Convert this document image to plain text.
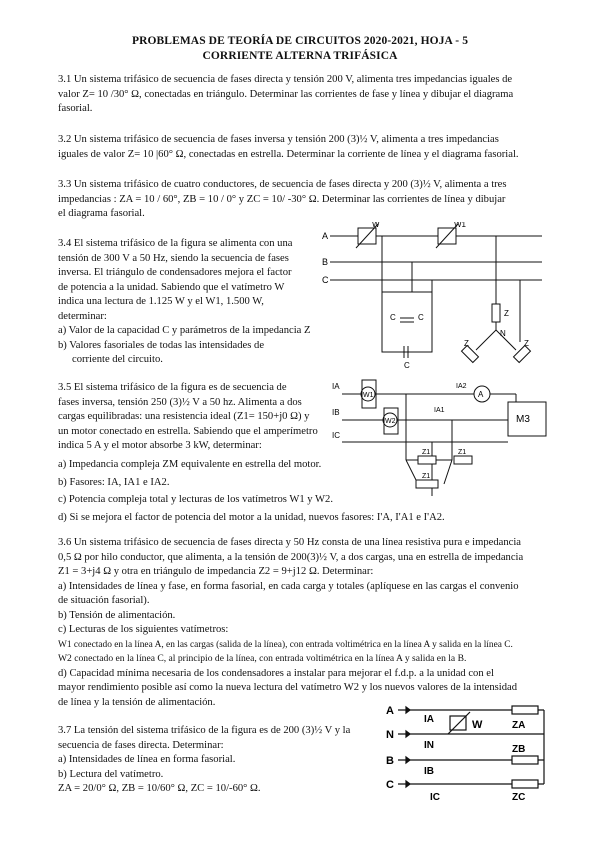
PROBLEMAS DE TEORÍA DE CIRCUITOS 2020-2021, HOJA - 5
CORRIENTE ALTERNA TRIFÁSICA
3.1 Un sistema trifásico de secuencia de fases directa y tensión 200 V, alimenta tres impedancias iguales de
valor Z= 10 /30° Ω, conectadas en triángulo. Determinar las corrientes de fase y línea y dibujar el diagrama
fasorial.
3.2 Un sistema trifásico de secuencia de fases inversa y tensión 200 (3)½ V, alimenta a tres impedancias
iguales de valor Z= 10 |60° Ω, conectadas en estrella. Determinar la corriente de línea y el diagrama fasorial.
3.3 Un sistema trifásico de cuatro conductores, de secuencia de fases directa y 200 (3)½ V, alimenta a tres
impedancias : ZA = 10 / 60°, ZB = 10 / 0° y ZC = 10/ -30° Ω. Determinar las corrientes de línea y dibujar
el diagrama fasorial.
3.4 El sistema trifásico de la figura se alimenta con una
tensión de 300 V a 50 Hz, siendo la secuencia de fases
inversa. El triángulo de condensadores mejora el factor
de potencia a la unidad. Sabiendo que el vatímetro W
indica una lectura de 1.125 W y el W1, 1.500 W,
determinar:
a) Valor de la capacidad C y parámetros de la impedancia Z
b) Valores fasoriales de todas las intensidades de
corriente del circuito.
A
B
C
W	W1
C	C
C
Z
N
Z	Z
3.5 El sistema trifásico de la figura es de secuencia de
fases inversa, tensión 250 (3)½ V a 50 hz. Alimenta a dos
cargas equilibradas: una resistencia ideal (Z1= 150+j0 Ω) y
un motor conectado en estrella. Sabiendo que el amperímetro
indica 5 A y el motor absorbe 3 kW, determinar:
a) Impedancia compleja ZM equivalente en estrella del motor.
b) Fasores: IA, IA1 e IA2.
c) Potencia compleja total y lecturas de los vatímetros W1 y W2.
d) Si se mejora el factor de potencia del motor a la unidad, nuevos fasores: I'A, I'A1 e I'A2.
IA
IB
IC
W1
W2
IA1
IA2
A
M3
Z1	Z1
Z1
3.6 Un sistema trifásico de secuencia de fases directa y 50 Hz consta de una línea resistiva pura e impedancia
0,5 Ω por hilo conductor, que alimenta, a la tensión de 200(3)½ V, a dos cargas, una en estrella de impedancia
Z1 = 3+j4 Ω y otra en triángulo de impedancia Z2 = 9+j12 Ω. Determinar:
a) Intensidades de línea y fase, en forma fasorial, en cada carga y totales (aplíquese en las cargas el convenio
de situación fasorial).
b) Tensión de alimentación.
c) Lecturas de los siguientes vatímetros:
W1 conectado en la línea A, en las cargas (salida de la línea), con entrada voltimétrica en la línea A y salida en la línea C.
W2 conectado en la línea C, al principio de la línea, con entrada voltimétrica en la línea A y salida en la B.
d) Capacidad mínima necesaria de los condensadores a instalar para mejorar el f.d.p. a la unidad con el
mayor rendimiento posible así como la nueva lectura del vatímetro W2 y los nuevos valores de la intensidad
de línea y la tensión de alimentación.
3.7 La tensión del sistema trifásico de la figura es de 200 (3)½ V y la
secuencia de fases directa. Determinar:
a) Intensidades de línea en forma fasorial.
b) Lectura del vatímetro.
ZA = 20/0° Ω, ZB = 10/60° Ω, ZC = 10/-60° Ω.
A
N
B
C
IA
IN
IB
IC
W	ZA
ZB
ZC
